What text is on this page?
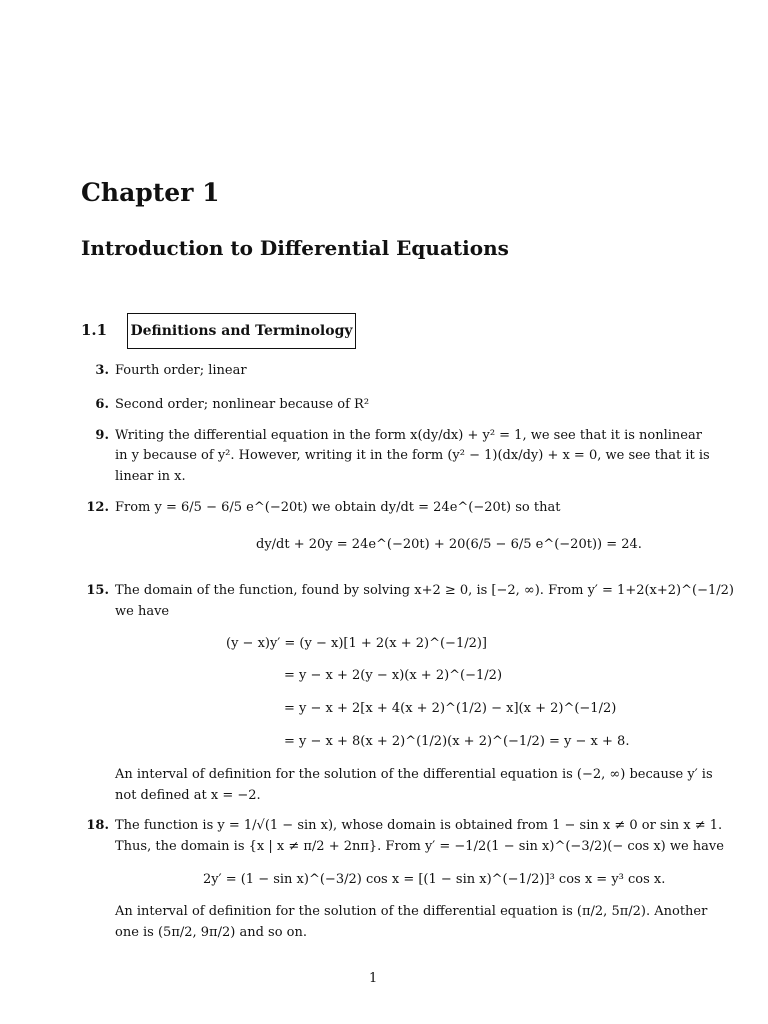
Chapter 1
Introduction to Differential Equations
1.1 Definitions and Terminology
3. Fourth order; linear
6. Second order; nonlinear because of R²
9. Writing the differential equation in the form x(dy/dx) + y² = 1, we see that it is nonlinear
in y because of y². However, writing it in the form (y² − 1)(dx/dy) + x = 0, we see that it is
linear in x.
12. From y = 6/5 − 6/5 e^(−20t) we obtain dy/dt = 24e^(−20t) so that
dy/dt + 20y = 24e^(−20t) + 20(6/5 − 6/5 e^(−20t)) = 24.
15. The domain of the function, found by solving x+2 ≥ 0, is [−2, ∞). From y′ = 1+2(x+2)^(−1/2)
we have
(y − x)y′ = (y − x)[1 + 2(x + 2)^(−1/2)]
= y − x + 2(y − x)(x + 2)^(−1/2)
= y − x + 2[x + 4(x + 2)^(1/2) − x](x + 2)^(−1/2)
= y − x + 8(x + 2)^(1/2)(x + 2)^(−1/2) = y − x + 8.
An interval of definition for the solution of the differential equation is (−2, ∞) because y′ is
not defined at x = −2.
18. The function is y = 1/√(1 − sin x), whose domain is obtained from 1 − sin x ≠ 0 or sin x ≠ 1.
Thus, the domain is {x | x ≠ π/2 + 2nπ}. From y′ = −1/2(1 − sin x)^(−3/2)(− cos x) we have
2y′ = (1 − sin x)^(−3/2) cos x = [(1 − sin x)^(−1/2)]³ cos x = y³ cos x.
An interval of definition for the solution of the differential equation is (π/2, 5π/2). Another
one is (5π/2, 9π/2) and so on.
1
